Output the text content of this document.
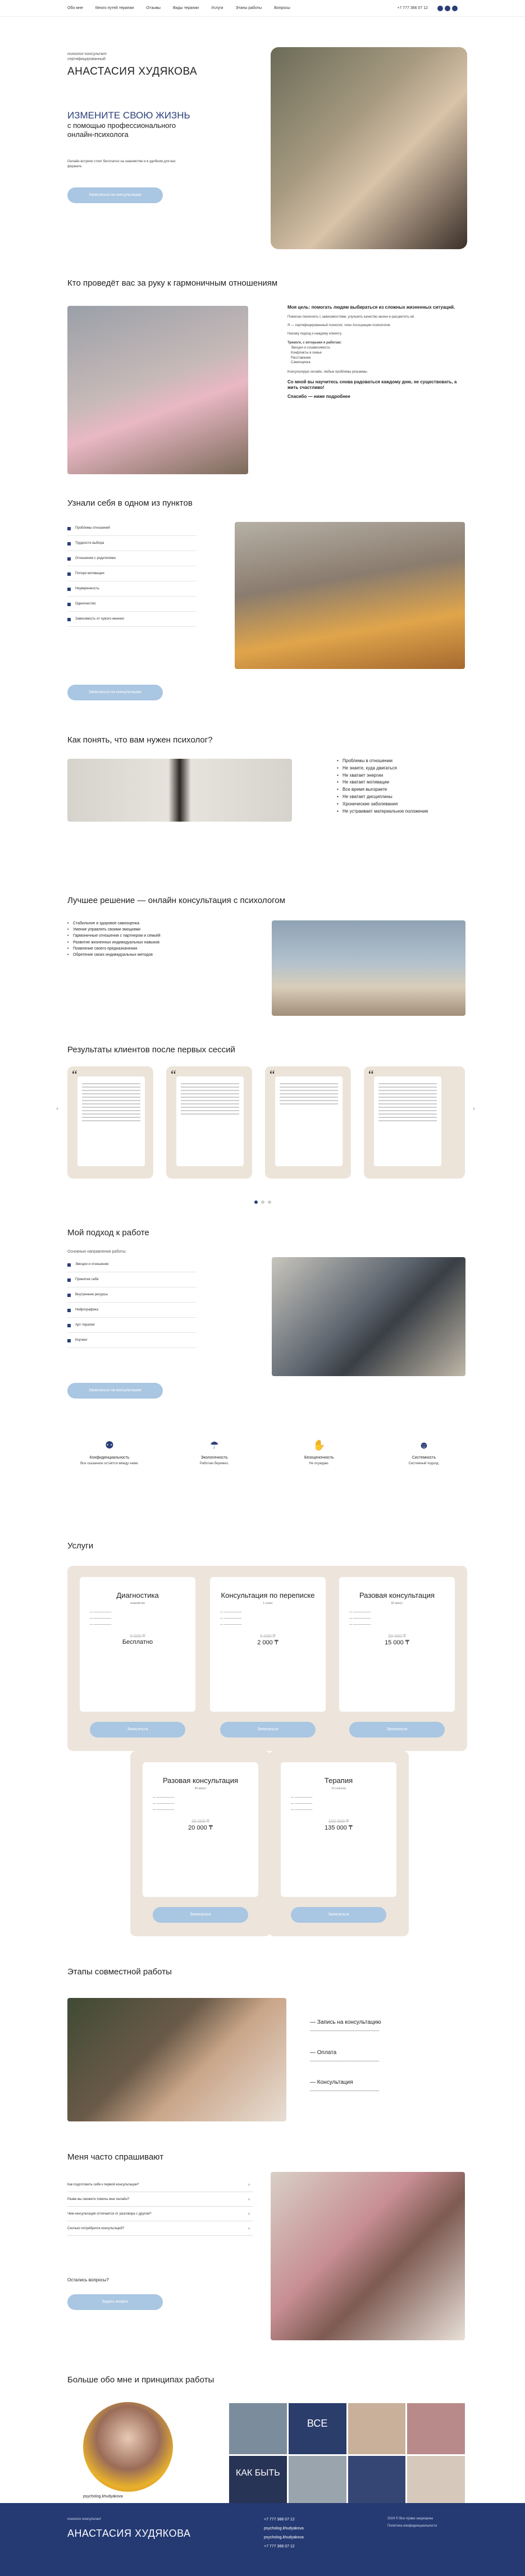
Обо мне	Много путей терапии	Отзывы	Виды терапии	Услуги	Этапы работы	Вопросы	+7 777 366 07 12
психолог-консультант
сертифицированный
АНАСТАСИЯ ХУДЯКОВА
ИЗМЕНИТЕ СВОЮ ЖИЗНЬ
с помощью профессионального онлайн-психолога
Онлайн-встречи стоят бесплатно на знакомстве и в удобном для вас формате.
Записаться на консультацию
Кто проведёт вас за руку к гармоничным отношениям
Моя цель: помогать людям выбираться из сложных жизненных ситуаций.
Помогаю покончить с зависимостями, улучшить качество жизни и расцветить её.
Я — сертифицированный психолог, член Ассоциации психологов.
Нахожу подход к каждому клиенту.
Тревоги, с которыми я работаю:
Эмоции и созависимость
Конфликты в семье
Расставание
Самооценка
Консультирую онлайн, любые проблемы решаемы.
Со мной вы научитесь снова радоваться каждому дню, не существовать, а жить счастливо!
Спасибо — ниже подробнее
Узнали себя в одном из пунктов
Проблемы отношений
Трудности выбора
Отношения с родителями
Потеря мотивации
Неуверенность
Одиночество
Зависимость от чужого мнения
Записаться на консультацию
Как понять, что вам нужен психолог?
• Проблемы в отношении
• Не знаете, куда двигаться
• Не хватает энергии
• Не хватает мотивации
• Все время выгораете
• Не хватает дисциплины
• Хронические заболевания
• Не устраивает материальное положение
Лучшее решение — онлайн консультация с психологом
• Стабильное и здоровое самооценка
• Умение управлять своими эмоциями
• Гармоничные отношения с партнером и семьёй
• Развитие жизненных индивидуальных навыков
• Появление своего предназначения
• Обретение своих индивидуальных методов
Результаты клиентов после первых сессий
‹	›
“	“	“	“
Мой подход к работе
Основные направления работы:
Эмоции и отношения
Принятие себя
Внутренние ресурсы
Нейрографика
Арт-терапия
Коучинг
Записаться на консультацию
⚉
Конфиденциальность
Все сказанное остаётся между нами.
☂
Экологичность
Работаю бережно.
✋
Безоценочность
Не осуждаю.
☻
Системность
Системный подход.
Услуги
Диагностика
знакомство
— ─────────
— ─────────
— ─────────
9 000 ₸
Бесплатно
Записаться
Консультация по переписке
1 сеанс
— ─────────
— ─────────
— ─────────
5 000 ₸
2 000 ₸
Записаться
Разовая консультация
60 минут
— ─────────
— ─────────
— ─────────
20 000 ₸
15 000 ₸
Записаться
Разовая консультация
90 минут
— ─────────
— ─────────
— ─────────
25 000 ₸
20 000 ₸
Записаться
Терапия
10 сеансов
— ─────────
— ─────────
— ─────────
150 000 ₸
135 000 ₸
Записаться
Этапы совместной работы
— Запись на консультацию
─────────────────────────────
— Оплата
─────────────────────────────
— Консультация
─────────────────────────────
Меня часто спрашивают
+
Как подготовить себя к первой консультации?
+
Разве вы сможете помочь мне онлайн?
+
Чем консультация отличается от разговора с другом?
+
Сколько потребуется консультаций?
Остались вопросы?
Задать вопрос
Больше обо мне и принципах работы
psycholog.khudyakova
ВСЕ
КАК БЫТЬ
психолог-консультант
АНАСТАСИЯ ХУДЯКОВА
+7 777 366 07 12
psycholog.khudyakova
psycholog.khudyakova
+7 777 366 07 12
2024 © Все права защищены
Политика конфиденциальности
